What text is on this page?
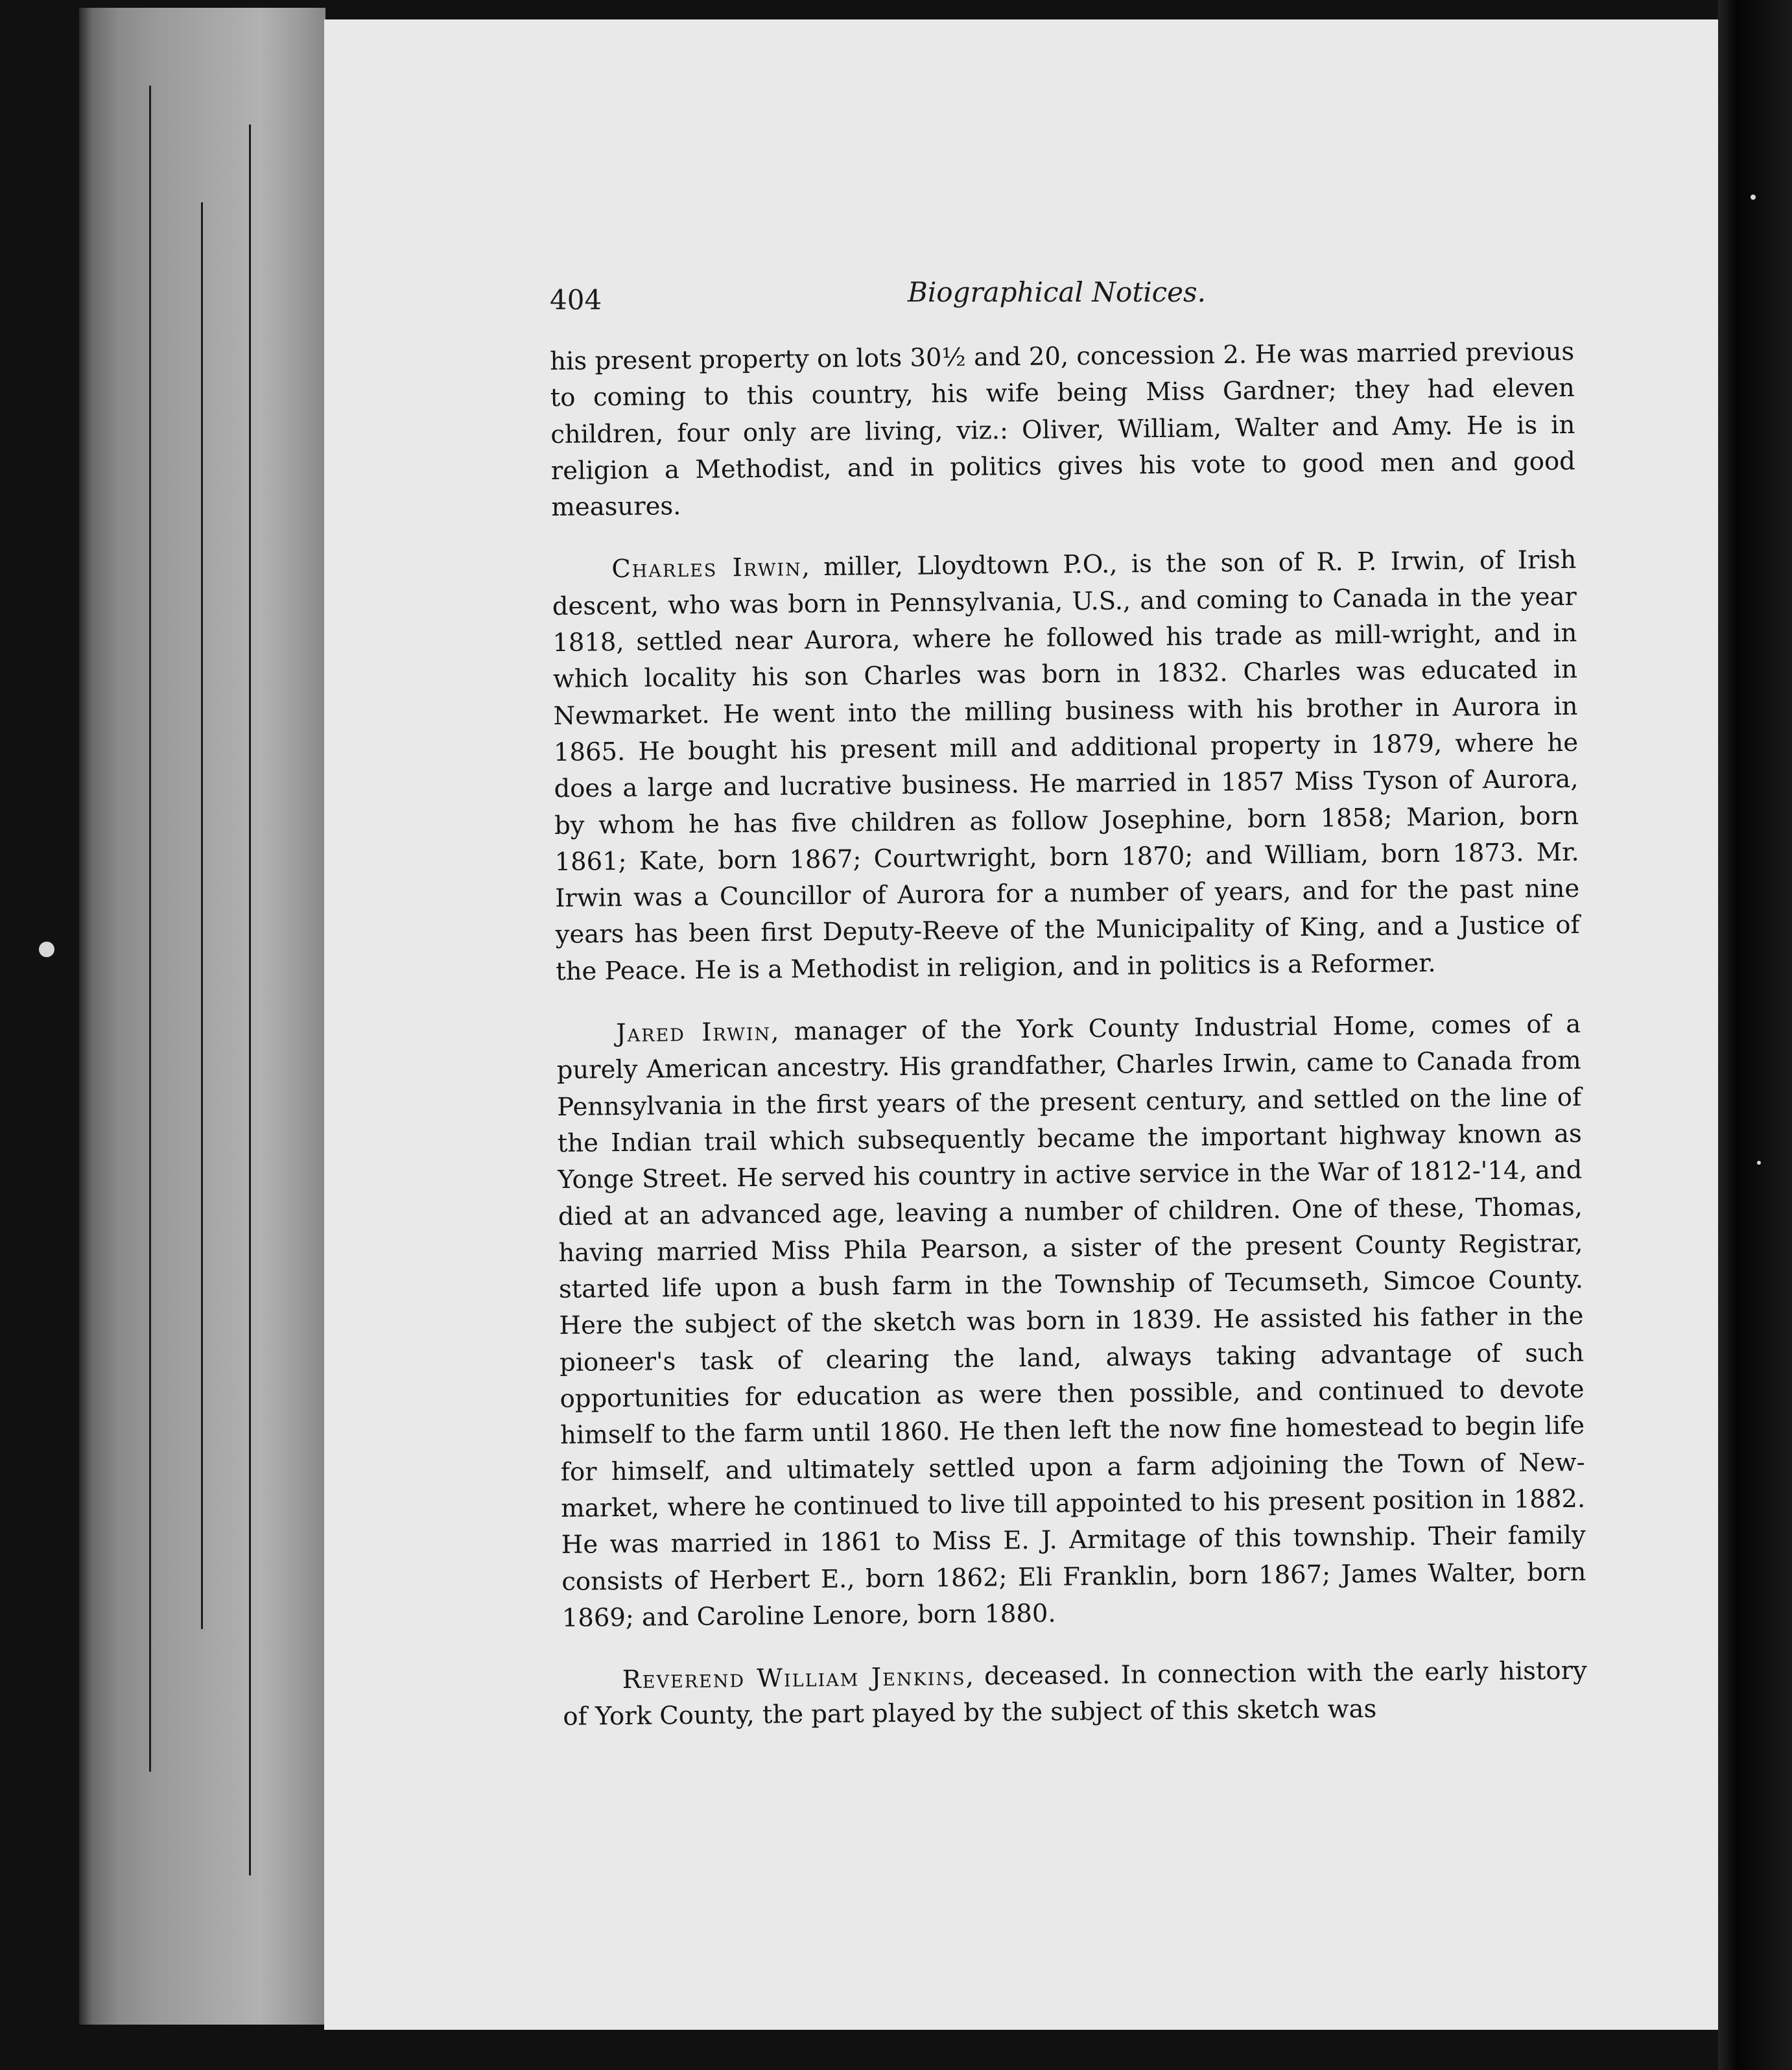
404	Biographical Notices.

his present property on lots 30½ and 20, concession 2. He was married previous to coming to this country, his wife being Miss Gardner; they had eleven children, four only are living, viz.: Oliver, William, Walter and Amy. He is in religion a Methodist, and in politics gives his vote to good men and good measures.

Charles Irwin, miller, Lloydtown P.O., is the son of R. P. Irwin, of Irish descent, who was born in Pennsylvania, U.S., and coming to Canada in the year 1818, settled near Aurora, where he followed his trade as mill-wright, and in which locality his son Charles was born in 1832. Charles was educated in Newmarket. He went into the milling business with his brother in Aurora in 1865. He bought his present mill and additional property in 1879, where he does a large and lucrative business. He married in 1857 Miss Tyson of Aurora, by whom he has five children as follow Josephine, born 1858; Marion, born 1861; Kate, born 1867; Courtwright, born 1870; and William, born 1873. Mr. Irwin was a Councillor of Aurora for a number of years, and for the past nine years has been first Deputy-Reeve of the Municipality of King, and a Justice of the Peace. He is a Methodist in religion, and in politics is a Reformer.

Jared Irwin, manager of the York County Industrial Home, comes of a purely American ancestry. His grandfather, Charles Irwin, came to Canada from Pennsylvania in the first years of the present century, and settled on the line of the Indian trail which subsequently became the important highway known as Yonge Street. He served his country in active service in the War of 1812-'14, and died at an advanced age, leaving a number of children. One of these, Thomas, having married Miss Phila Pearson, a sister of the present County Registrar, started life upon a bush farm in the Township of Tecumseth, Simcoe County. Here the subject of the sketch was born in 1839. He assisted his father in the pioneer's task of clearing the land, always taking advantage of such opportunities for education as were then possible, and continued to devote himself to the farm until 1860. He then left the now fine homestead to begin life for himself, and ultimately settled upon a farm adjoining the Town of New-market, where he continued to live till appointed to his present position in 1882. He was married in 1861 to Miss E. J. Armitage of this township. Their family consists of Herbert E., born 1862; Eli Franklin, born 1867; James Walter, born 1869; and Caroline Lenore, born 1880.

Reverend William Jenkins, deceased. In connection with the early history of York County, the part played by the subject of this sketch was
